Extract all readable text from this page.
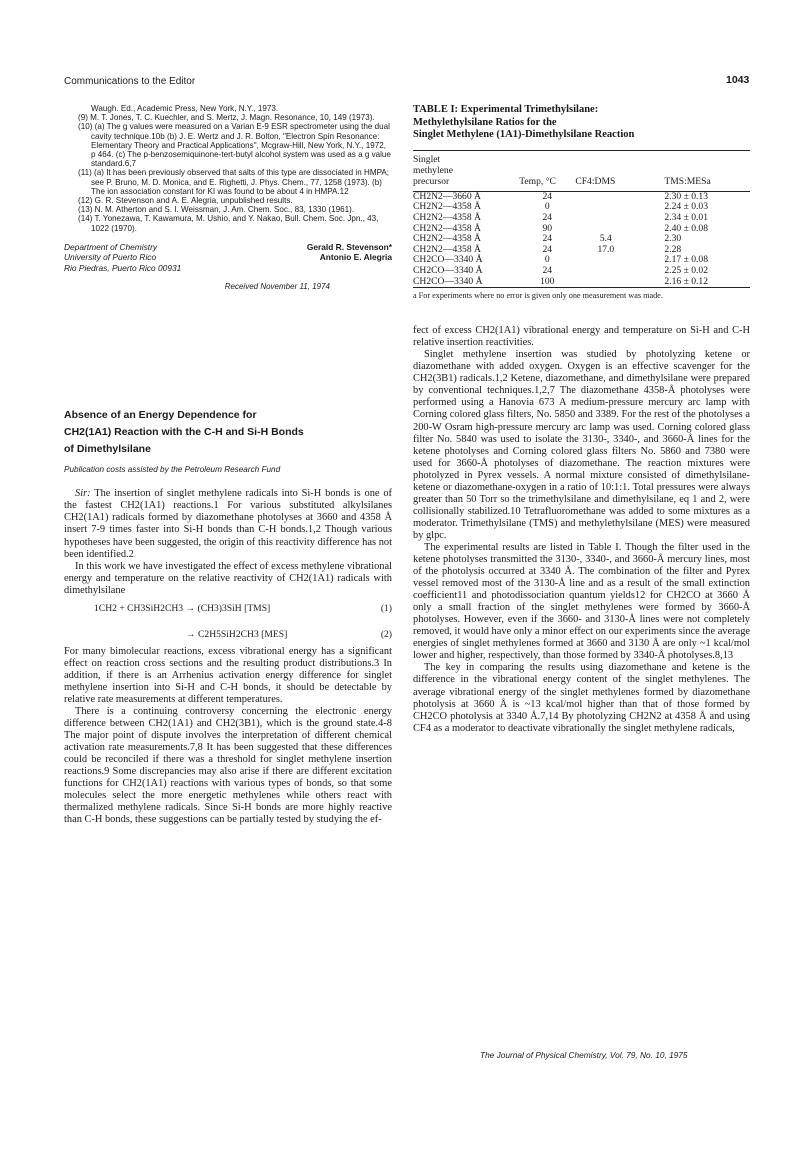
Communications to the Editor	1043

Waugh. Ed., Academic Press, New York, N.Y., 1973.

(9) M. T. Jones, T. C. Kuechler, and S. Mertz, J. Magn. Resonance, 10, 149 (1973).

(10) (a) The g values were measured on a Varian E-9 ESR spectrometer using the dual cavity technique.10b (b) J. E. Wertz and J. R. Bolton, "Electron Spin Resonance: Elementary Theory and Practical Applications", Mcgraw-Hill, New York, N.Y., 1972, p 464. (c) The p-benzosemiquinone-tert-butyl alcohol system was used as a g value standard.6,7

(11) (a) It has been previously observed that salts of this type are dissociated in HMPA; see P. Bruno, M. D. Monica, and E. Righetti, J. Phys. Chem., 77, 1258 (1973). (b) The ion association constant for KI was found to be about 4 in HMPA.12

(12) G. R. Stevenson and A. E. Alegria, unpublished results.

(13) N. M. Atherton and S. I. Weissman, J. Am. Chem. Soc., 83, 1330 (1961).

(14) T. Yonezawa, T. Kawamura, M. Ushio, and Y. Nakao, Bull. Chem. Soc. Jpn., 43, 1022 (1970).

Department of Chemistry
University of Puerto Rico
Rio Piedras, Puerto Rico 00931
Gerald R. Stevenson*
Antonio E. Alegria
Received November 11, 1974
Absence of an Energy Dependence for
CH2(1A1) Reaction with the C-H and Si-H Bonds
of Dimethylsilane
Publication costs assisted by the Petroleum Research Fund

Sir: The insertion of singlet methylene radicals into Si-H bonds is one of the fastest CH2(1A1) reactions.1 For various substituted alkylsilanes CH2(1A1) radicals formed by diazomethane photolyses at 3660 and 4358 Å insert 7-9 times faster into Si-H bonds than C-H bonds.1,2 Though various hypotheses have been suggested, the origin of this reactivity difference has not been identified.2

In this work we have investigated the effect of excess methylene vibrational energy and temperature on the relative reactivity of CH2(1A1) radicals with dimethylsilane

1CH2 + CH3SiH2CH3 → (CH3)3SiH [TMS]	(1)
→ C2H5SiH2CH3 [MES]	(2)

For many bimolecular reactions, excess vibrational energy has a significant effect on reaction cross sections and the resulting product distributions.3 In addition, if there is an Arrhenius activation energy difference for singlet methylene insertion into Si-H and C-H bonds, it should be detectable by relative rate measurements at different temperatures.

There is a continuing controversy concerning the electronic energy difference between CH2(1A1) and CH2(3B1), which is the ground state.4-8 The major point of dispute involves the interpretation of different chemical activation rate measurements.7,8 It has been suggested that these differences could be reconciled if there was a threshold for singlet methylene insertion reactions.9 Some discrepancies may also arise if there are different excitation functions for CH2(1A1) reactions with various types of bonds, so that some molecules select the more energetic methylenes while others react with thermalized methylene radicals. Since Si-H bonds are more highly reactive than C-H bonds, these suggestions can be partially tested by studying the ef-

TABLE I: Experimental Trimethylsilane:
Methylethylsilane Ratios for the
Singlet Methylene (1A1)-Dimethylsilane Reaction
Singlet
methylene
precursor	Temp, °C	CF4:DMS	TMS:MESa

CH2N2—3660 Å	24		2.30 ± 0.13
CH2N2—4358 Å	0		2.24 ± 0.03
CH2N2—4358 Å	24		2.34 ± 0.01
CH2N2—4358 Å	90		2.40 ± 0.08
CH2N2—4358 Å	24	5.4	2.30
CH2N2—4358 Å	24	17.0	2.28
CH2CO—3340 Å	0		2.17 ± 0.08
CH2CO—3340 Å	24		2.25 ± 0.02
CH2CO—3340 Å	100		2.16 ± 0.12
a For experiments where no error is given only one measurement was made.

fect of excess CH2(1A1) vibrational energy and temperature on Si-H and C-H relative insertion reactivities.

Singlet methylene insertion was studied by photolyzing ketene or diazomethane with added oxygen. Oxygen is an effective scavenger for the CH2(3B1) radicals.1,2 Ketene, diazomethane, and dimethylsilane were prepared by conventional techniques.1,2,7 The diazomethane 4358-Å photolyses were performed using a Hanovia 673 A medium-pressure mercury arc lamp with Corning colored glass filters, No. 5850 and 3389. For the rest of the photolyses a 200-W Osram high-pressure mercury arc lamp was used. Corning colored glass filter No. 5840 was used to isolate the 3130-, 3340-, and 3660-Å lines for the ketene photolyses and Corning colored glass filters No. 5860 and 7380 were used for 3660-Å photolyses of diazomethane. The reaction mixtures were photolyzed in Pyrex vessels. A normal mixture consisted of dimethylsilane-ketene or diazomethane-oxygen in a ratio of 10:1:1. Total pressures were always greater than 50 Torr so the trimethylsilane and dimethylsilane, eq 1 and 2, were collisionally stabilized.10 Tetrafluoromethane was added to some mixtures as a moderator. Trimethylsilane (TMS) and methylethylsilane (MES) were measured by glpc.

The experimental results are listed in Table I. Though the filter used in the ketene photolyses transmitted the 3130-, 3340-, and 3660-Å mercury lines, most of the photolysis occurred at 3340 Å. The combination of the filter and Pyrex vessel removed most of the 3130-Å line and as a result of the small extinction coefficient11 and photodissociation quantum yields12 for CH2CO at 3660 Å only a small fraction of the singlet methylenes were formed by 3660-Å photolyses. However, even if the 3660- and 3130-Å lines were not completely removed, it would have only a minor effect on our experiments since the average energies of singlet methylenes formed at 3660 and 3130 Å are only ~1 kcal/mol lower and higher, respectively, than those formed by 3340-Å photolyses.8,13

The key in comparing the results using diazomethane and ketene is the difference in the vibrational energy content of the singlet methylenes. The average vibrational energy of the singlet methylenes formed by diazomethane photolysis at 3660 Å is ~13 kcal/mol higher than that of those formed by CH2CO photolysis at 3340 Å.7,14 By photolyzing CH2N2 at 4358 Å and using CF4 as a moderator to deactivate vibrationally the singlet methylene radicals,

The Journal of Physical Chemistry, Vol. 79, No. 10, 1975
